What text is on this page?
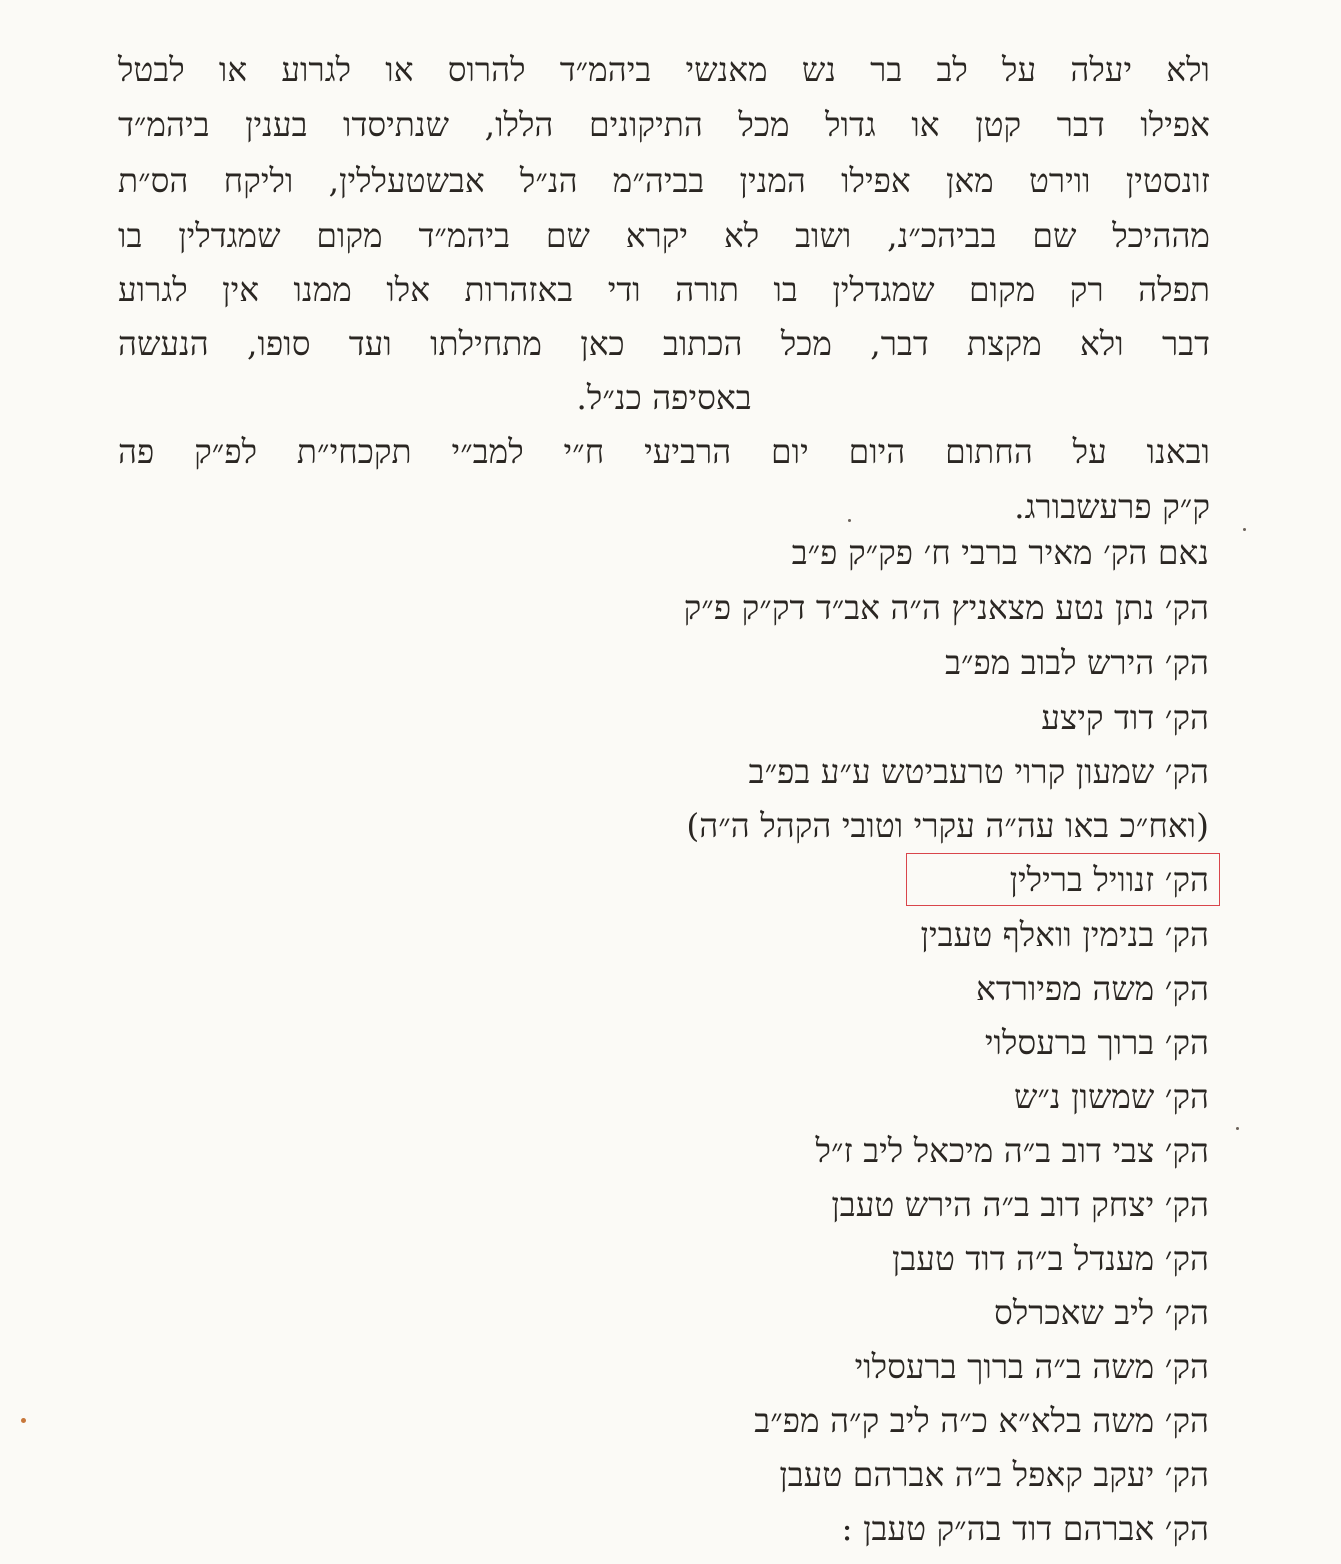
ולא יעלה על לב בר נש מאנשי ביהמ״ד להרוס או לגרוע או לבטל
אפילו דבר קטן או גדול מכל התיקונים הללו, שנתיסדו בענין ביהמ״ד
זונסטין ווירט מאן אפילו המנין בביה״מ הנ״ל אבשטעללין, וליקח הס״ת
מההיכל שם בביהכ״נ, ושוב לא יקרא שם ביהמ״ד מקום שמגדלין בו
תפלה רק מקום שמגדלין בו תורה ודי באזהרות אלו ממנו אין לגרוע
דבר ולא מקצת דבר, מכל הכתוב כאן מתחילתו ועד סופו, הנעשה
באסיפה כנ״ל.
ובאנו על החתום היום יום הרביעי ח״י למב״י תקכחי״ת לפ״ק פה
ק״ק פרעשבורג.
נאם הק׳ מאיר ברבי ח׳ פק״ק פ״ב
הק׳ נתן נטע מצאניץ ה״ה אב״ד דק״ק פ״ק
הק׳ הירש לבוב מפ״ב
הק׳ דוד קיצע
הק׳ שמעון קרוי טרעביטש ע״ע בפ״ב
(ואח״כ באו עה״ה עקרי וטובי הקהל ה״ה)
הק׳ זנוויל ברילין
הק׳ בנימין וואלף טעבין
הק׳ משה מפיורדא
הק׳ ברוך ברעסלוי
הק׳ שמשון נ״ש
הק׳ צבי דוב ב״ה מיכאל ליב ז״ל
הק׳ יצחק דוב ב״ה הירש טעבן
הק׳ מענדל ב״ה דוד טעבן
הק׳ ליב שאכרלס
הק׳ משה ב״ה ברוך ברעסלוי
הק׳ משה בלא״א כ״ה ליב ק״ה מפ״ב
הק׳ יעקב קאפל ב״ה אברהם טעבן
הק׳ אברהם דוד בה״ק טעבן :
